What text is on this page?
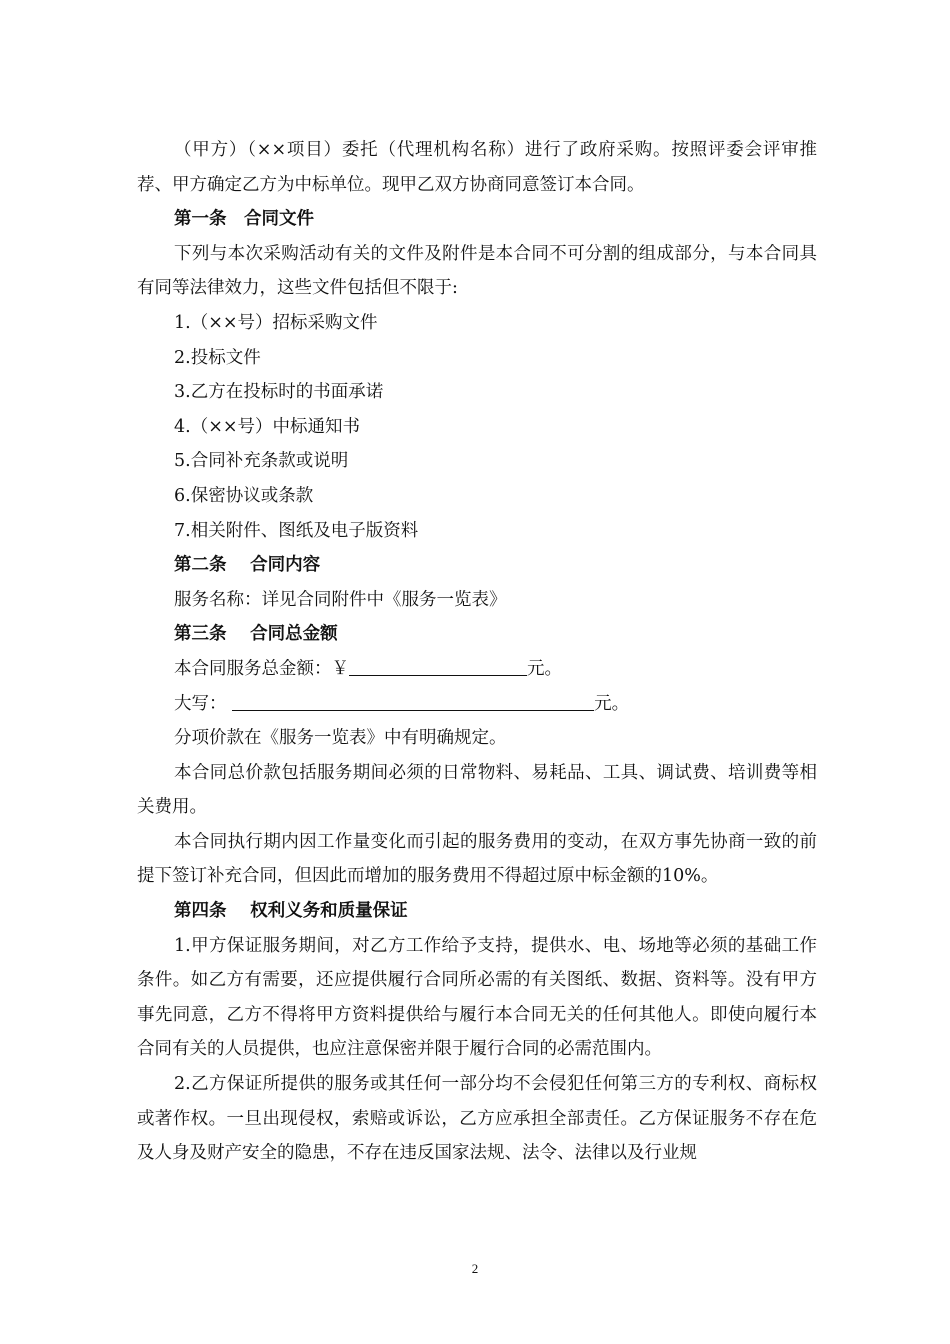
（甲方）（××项目）委托（代理机构名称）进行了政府采购。按照评委会评审推荐、甲方确定乙方为中标单位。现甲乙双方协商同意签订本合同。

第一条　合同文件

下列与本次采购活动有关的文件及附件是本合同不可分割的组成部分，与本合同具有同等法律效力，这些文件包括但不限于:

1.（××号）招标采购文件
2.投标文件
3.乙方在投标时的书面承诺
4.（××号）中标通知书
5.合同补充条款或说明
6.保密协议或条款
7.相关附件、图纸及电子版资料

第二条　 合同内容

服务名称：详见合同附件中《服务一览表》

第三条　 合同总金额

本合同服务总金额：￥	元。
大写：	元。

分项价款在《服务一览表》中有明确规定。

本合同总价款包括服务期间必须的日常物料、易耗品、工具、调试费、培训费等相关费用。

本合同执行期内因工作量变化而引起的服务费用的变动，在双方事先协商一致的前提下签订补充合同，但因此而增加的服务费用不得超过原中标金额的10%。

第四条　 权利义务和质量保证

1.甲方保证服务期间，对乙方工作给予支持，提供水、电、场地等必须的基础工作条件。如乙方有需要，还应提供履行合同所必需的有关图纸、数据、资料等。没有甲方事先同意，乙方不得将甲方资料提供给与履行本合同无关的任何其他人。即使向履行本合同有关的人员提供，也应注意保密并限于履行合同的必需范围内。

2.乙方保证所提供的服务或其任何一部分均不会侵犯任何第三方的专利权、商标权或著作权。一旦出现侵权，索赔或诉讼，乙方应承担全部责任。乙方保证服务不存在危及人身及财产安全的隐患，不存在违反国家法规、法令、法律以及行业规

2
